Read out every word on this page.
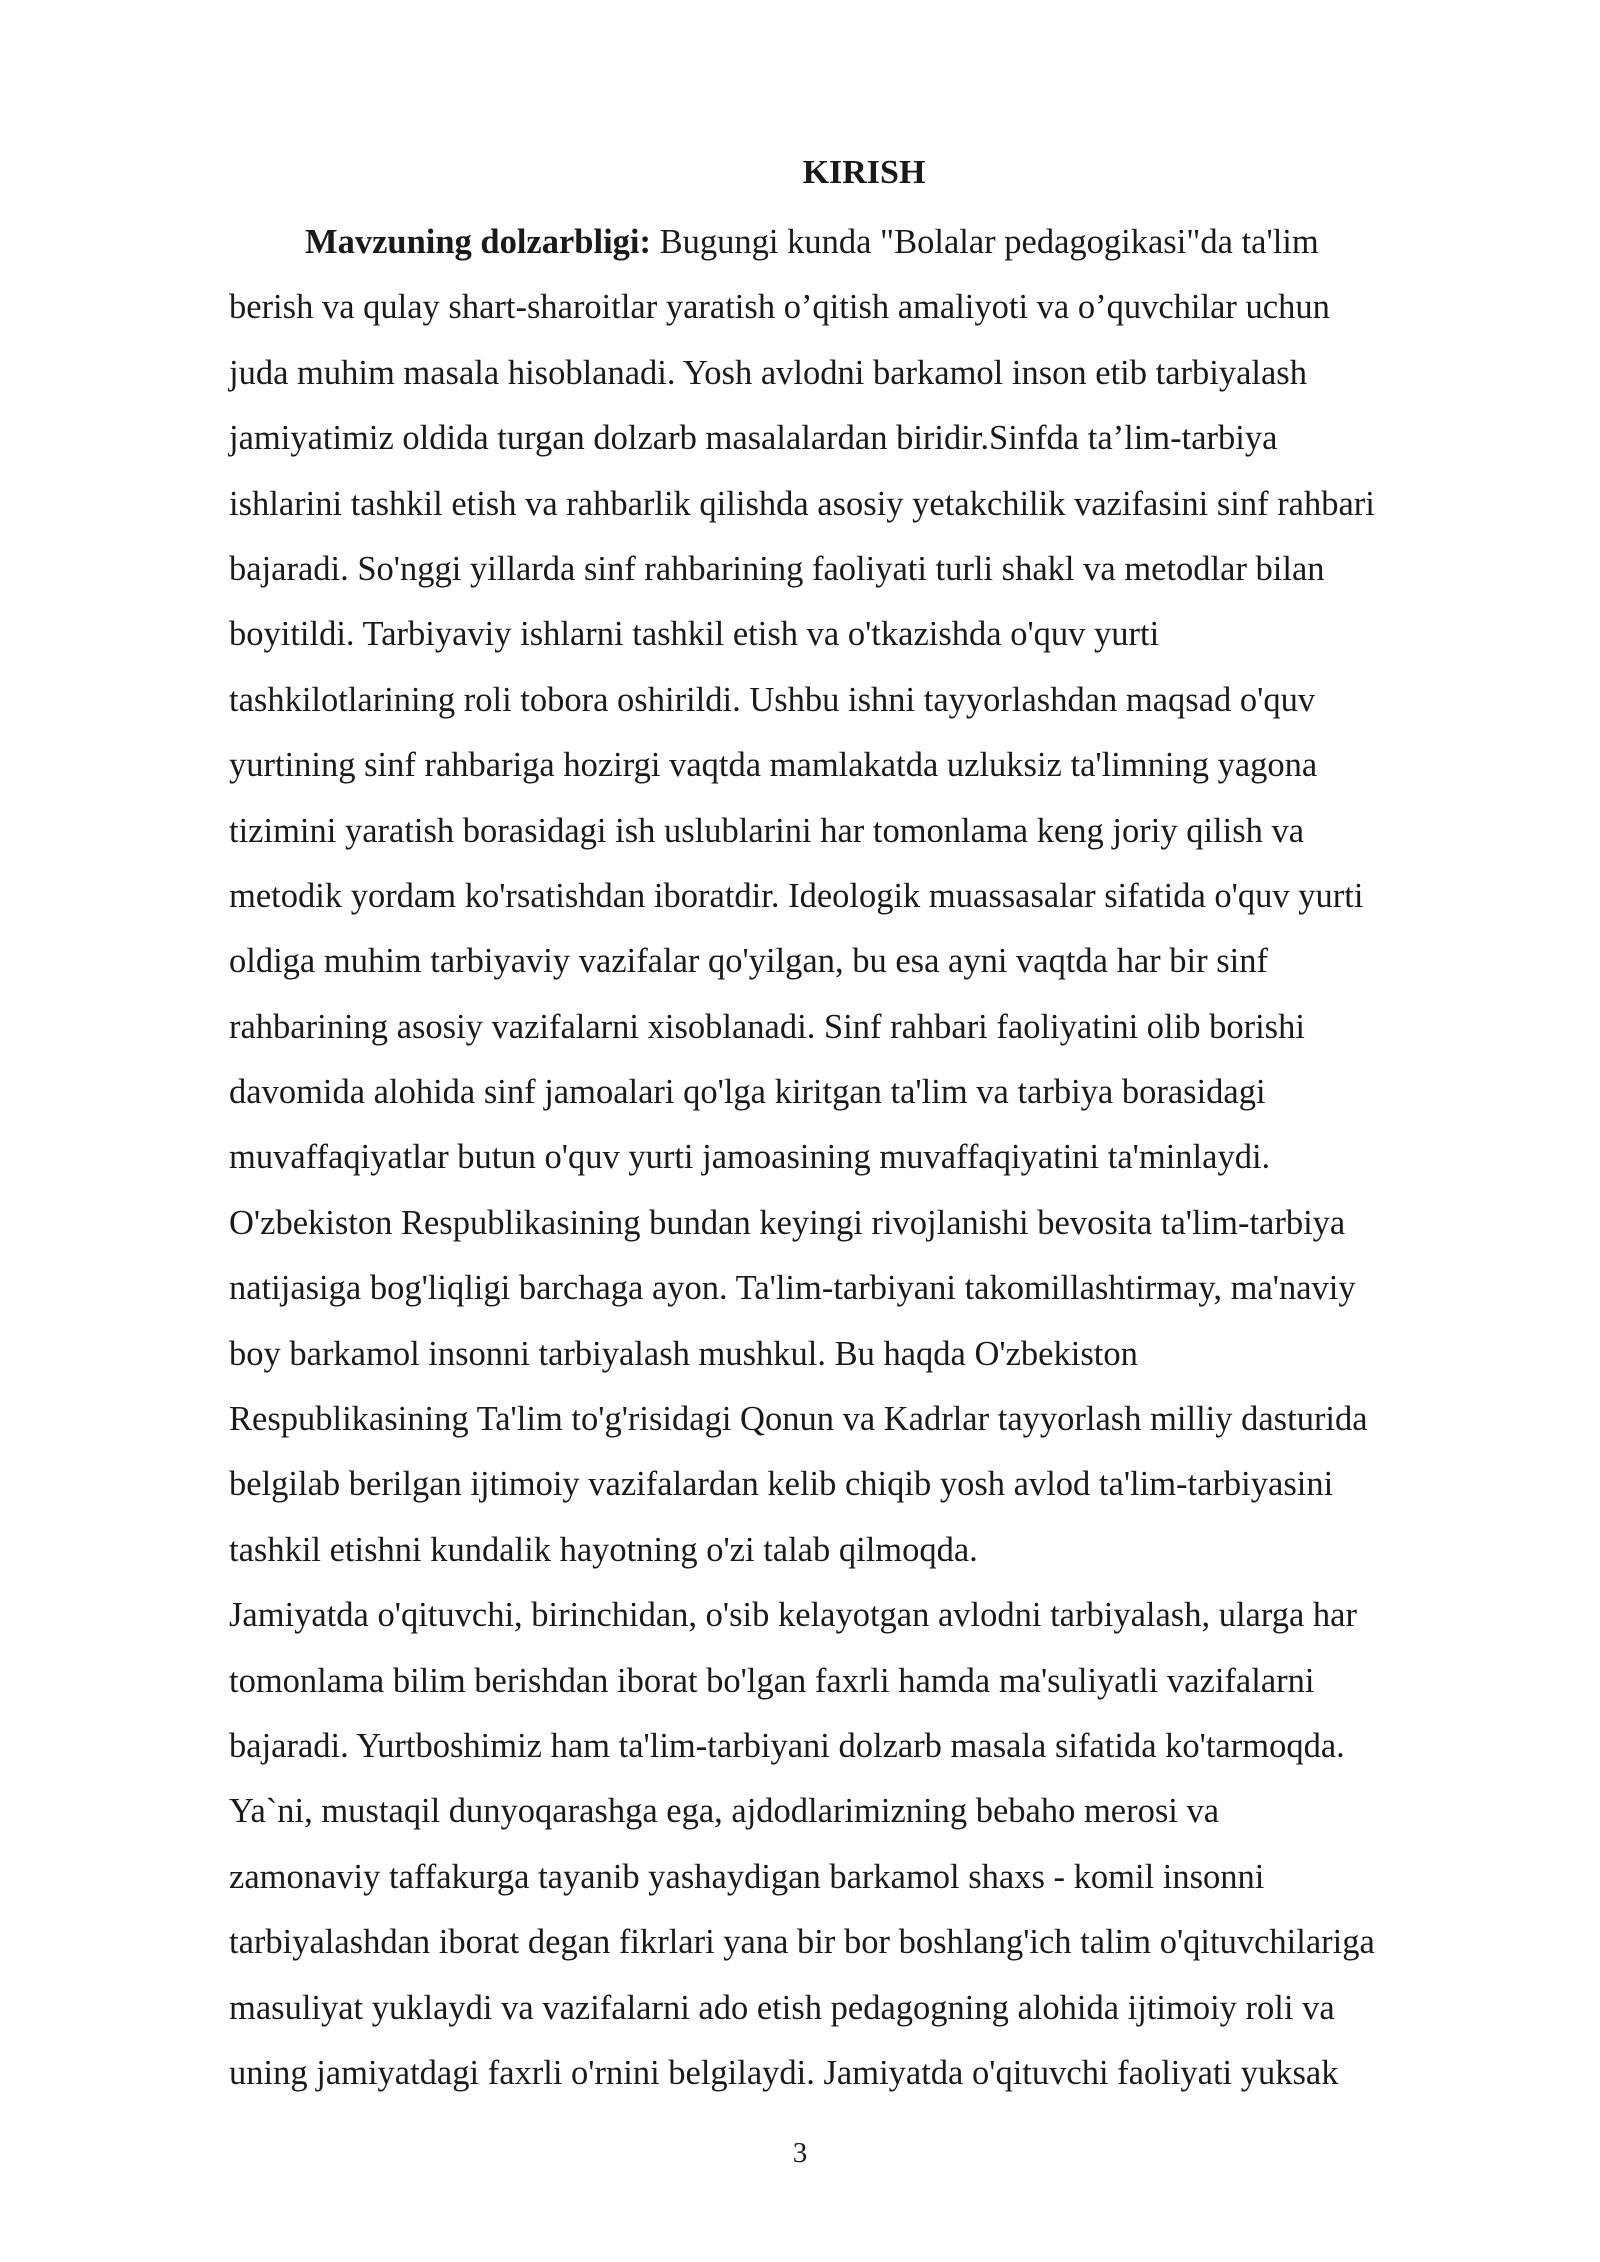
KIRISH
Mavzuning dolzarbligi: Bugungi kunda "Bolalar pedagogikasi"da ta'lim
berish va qulay shart-sharoitlar yaratish o’qitish amaliyoti va o’quvchilar uchun
juda muhim masala hisoblanadi. Yosh avlodni barkamol inson etib tarbiyalash
jamiyatimiz oldida turgan dolzarb masalalardan biridir.Sinfda ta’lim-tarbiya
ishlarini tashkil etish va rahbarlik qilishda asosiy yetakchilik vazifasini sinf rahbari
bajaradi. So'nggi yillarda sinf rahbarining faoliyati turli shakl va metodlar bilan
boyitildi. Tarbiyaviy ishlarni tashkil etish va o'tkazishda o'quv yurti
tashkilotlarining roli tobora oshirildi. Ushbu ishni tayyorlashdan maqsad o'quv
yurtining sinf rahbariga hozirgi vaqtda mamlakatda uzluksiz ta'limning yagona
tizimini yaratish borasidagi ish uslublarini har tomonlama keng joriy qilish va
metodik yordam ko'rsatishdan iboratdir. Ideologik muassasalar sifatida o'quv yurti
oldiga muhim tarbiyaviy vazifalar qo'yilgan, bu esa ayni vaqtda har bir sinf
rahbarining asosiy vazifalarni xisoblanadi. Sinf rahbari faoliyatini olib borishi
davomida alohida sinf jamoalari qo'lga kiritgan ta'lim va tarbiya borasidagi
muvaffaqiyatlar butun o'quv yurti jamoasining muvaffaqiyatini ta'minlaydi.
O'zbekiston Respublikasining bundan keyingi rivojlanishi bevosita ta'lim-tarbiya
natijasiga bog'liqligi barchaga ayon. Ta'lim-tarbiyani takomillashtirmay, ma'naviy
boy barkamol insonni tarbiyalash mushkul. Bu haqda O'zbekiston
Respublikasining Ta'lim to'g'risidagi Qonun va Kadrlar tayyorlash milliy dasturida
belgilab berilgan ijtimoiy vazifalardan kelib chiqib yosh avlod ta'lim-tarbiyasini
tashkil etishni kundalik hayotning o'zi talab qilmoqda.
Jamiyatda o'qituvchi, birinchidan, o'sib kelayotgan avlodni tarbiyalash, ularga har
tomonlama bilim berishdan iborat bo'lgan faxrli hamda ma'suliyatli vazifalarni
bajaradi. Yurtboshimiz ham ta'lim-tarbiyani dolzarb masala sifatida ko'tarmoqda.
Ya`ni, mustaqil dunyoqarashga ega, ajdodlarimizning bebaho merosi va
zamonaviy taffakurga tayanib yashaydigan barkamol shaxs - komil insonni
tarbiyalashdan iborat degan fikrlari yana bir bor boshlang'ich talim o'qituvchilariga
masuliyat yuklaydi va vazifalarni ado etish pedagogning alohida ijtimoiy roli va
uning jamiyatdagi faxrli o'rnini belgilaydi. Jamiyatda o'qituvchi faoliyati yuksak
3
